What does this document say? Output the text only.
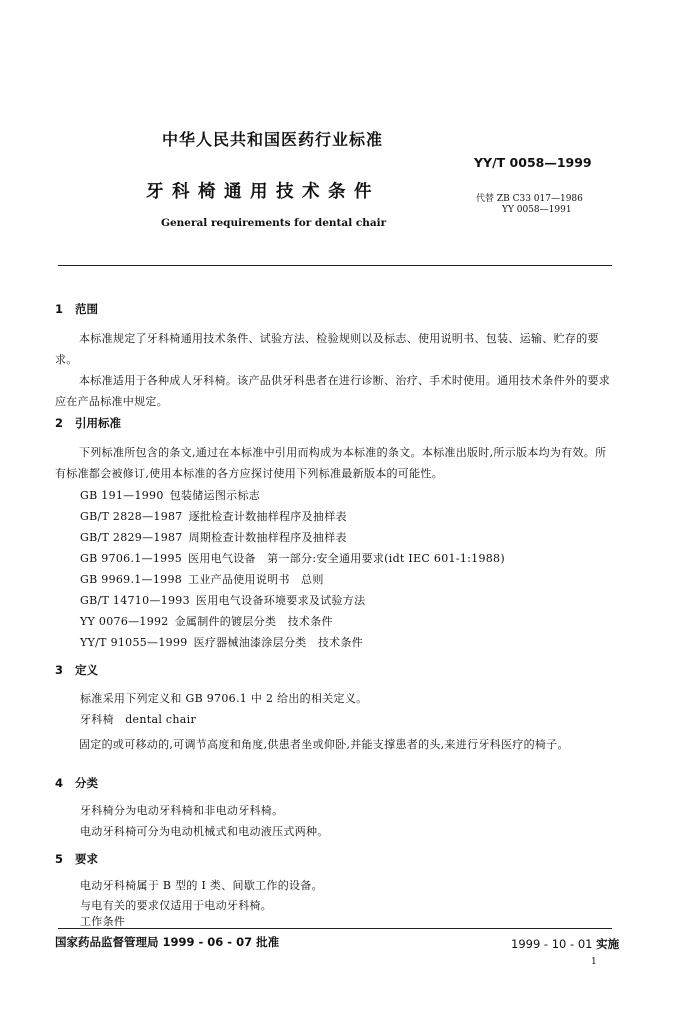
中华人民共和国医药行业标准
YY/T 0058—1999
牙科椅通用技术条件	代替 ZB C33 017—1986
YY 0058—1991
General requirements for dental chair
1 范围
本标准规定了牙科椅通用技术条件、试验方法、检验规则以及标志、使用说明书、包装、运输、贮存的要求。
本标准适用于各种成人牙科椅。该产品供牙科患者在进行诊断、治疗、手术时使用。通用技术条件外的要求应在产品标准中规定。
2 引用标准
下列标准所包含的条文,通过在本标准中引用而构成为本标准的条文。本标准出版时,所示版本均为有效。所有标准都会被修订,使用本标准的各方应探讨使用下列标准最新版本的可能性。
GB 191—1990 包装储运图示标志
GB/T 2828—1987 逐批检查计数抽样程序及抽样表
GB/T 2829—1987 周期检查计数抽样程序及抽样表
GB 9706.1—1995 医用电气设备　第一部分:安全通用要求(idt IEC 601-1:1988)
GB 9969.1—1998 工业产品使用说明书　总则
GB/T 14710—1993 医用电气设备环境要求及试验方法
YY 0076—1992 金属制件的镀层分类　技术条件
YY/T 91055—1999 医疗器械油漆涂层分类　技术条件
3 定义
标准采用下列定义和 GB 9706.1 中 2 给出的相关定义。
牙科椅　dental chair
固定的或可移动的,可调节高度和角度,供患者坐或仰卧,并能支撑患者的头,来进行牙科医疗的椅子。
4 分类
牙科椅分为电动牙科椅和非电动牙科椅。
电动牙科椅可分为电动机械式和电动液压式两种。
5 要求
电动牙科椅属于 B 型的 I 类、间歇工作的设备。
与电有关的要求仅适用于电动牙科椅。
工作条件
国家药品监督管理局 1999 - 06 - 07 批准	1999 - 10 - 01 实施
1
